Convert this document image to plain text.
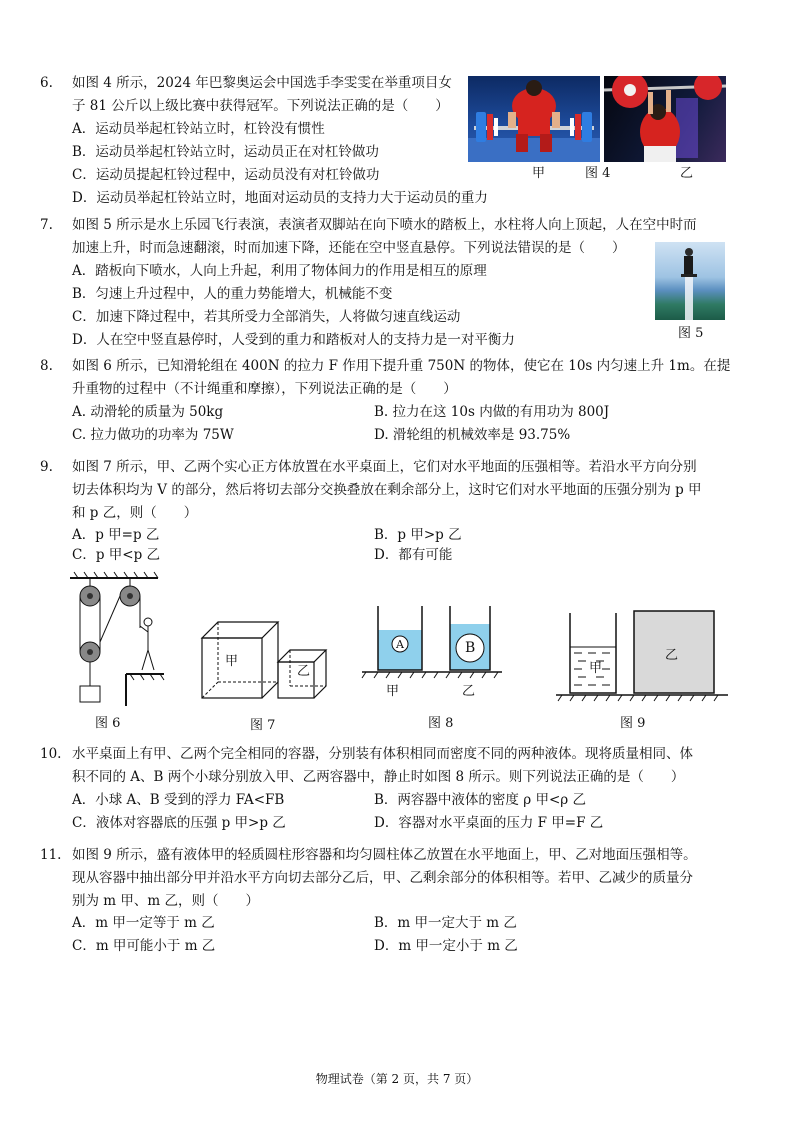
6. 如图 4 所示，2024 年巴黎奥运会中国选手李雯雯在举重项目女
子 81 公斤以上级比赛中获得冠军。下列说法正确的是（　　）
A．运动员举起杠铃站立时，杠铃没有惯性
B．运动员举起杠铃站立时，运动员正在对杠铃做功
C．运动员提起杠铃过程中，运动员没有对杠铃做功
D．运动员举起杠铃站立时，地面对运动员的支持力大于运动员的重力
甲	图 4	乙
7. 如图 5 所示是水上乐园飞行表演，表演者双脚站在向下喷水的踏板上，水柱将人向上顶起，人在空中时而
加速上升，时而急速翻滚，时而加速下降，还能在空中竖直悬停。下列说法错误的是（　　）
A．踏板向下喷水，人向上升起，利用了物体间力的作用是相互的原理
B．匀速上升过程中，人的重力势能增大，机械能不变
C．加速下降过程中，若其所受力全部消失，人将做匀速直线运动
D．人在空中竖直悬停时，人受到的重力和踏板对人的支持力是一对平衡力	图 5
8. 如图 6 所示，已知滑轮组在 400N 的拉力 F 作用下提升重 750N 的物体，使它在 10s 内匀速上升 1m。在提
升重物的过程中（不计绳重和摩擦），下列说法正确的是（　　）
A. 动滑轮的质量为 50kg	B. 拉力在这 10s 内做的有用功为 800J
C. 拉力做功的功率为 75W	D. 滑轮组的机械效率是 93.75%
9. 如图 7 所示，甲、乙两个实心正方体放置在水平桌面上，它们对水平地面的压强相等。若沿水平方向分别
切去体积均为 V 的部分，然后将切去部分交换叠放在剩余部分上，这时它们对水平地面的压强分别为 p 甲
和 p 乙，则（　　）
A．p 甲=p 乙	B．p 甲>p 乙
C．p 甲<p 乙	D．都有可能
图 6
甲
乙
图 7
A	B
甲	乙
图 8
甲
乙
图 9
10. 水平桌面上有甲、乙两个完全相同的容器，分别装有体积相同而密度不同的两种液体。现将质量相同、体
积不同的 A、B 两个小球分别放入甲、乙两容器中，静止时如图 8 所示。则下列说法正确的是（　　）
A．小球 A、B 受到的浮力 FA<FB	B．两容器中液体的密度 ρ 甲<ρ 乙
C．液体对容器底的压强 p 甲>p 乙	D．容器对水平桌面的压力 F 甲=F 乙
11. 如图 9 所示，盛有液体甲的轻质圆柱形容器和均匀圆柱体乙放置在水平地面上，甲、乙对地面压强相等。
现从容器中抽出部分甲并沿水平方向切去部分乙后，甲、乙剩余部分的体积相等。若甲、乙减少的质量分
别为 m 甲、m 乙，则（　　）
A．m 甲一定等于 m 乙	B．m 甲一定大于 m 乙
C．m 甲可能小于 m 乙	D．m 甲一定小于 m 乙
物理试卷（第 2 页，共 7 页）
